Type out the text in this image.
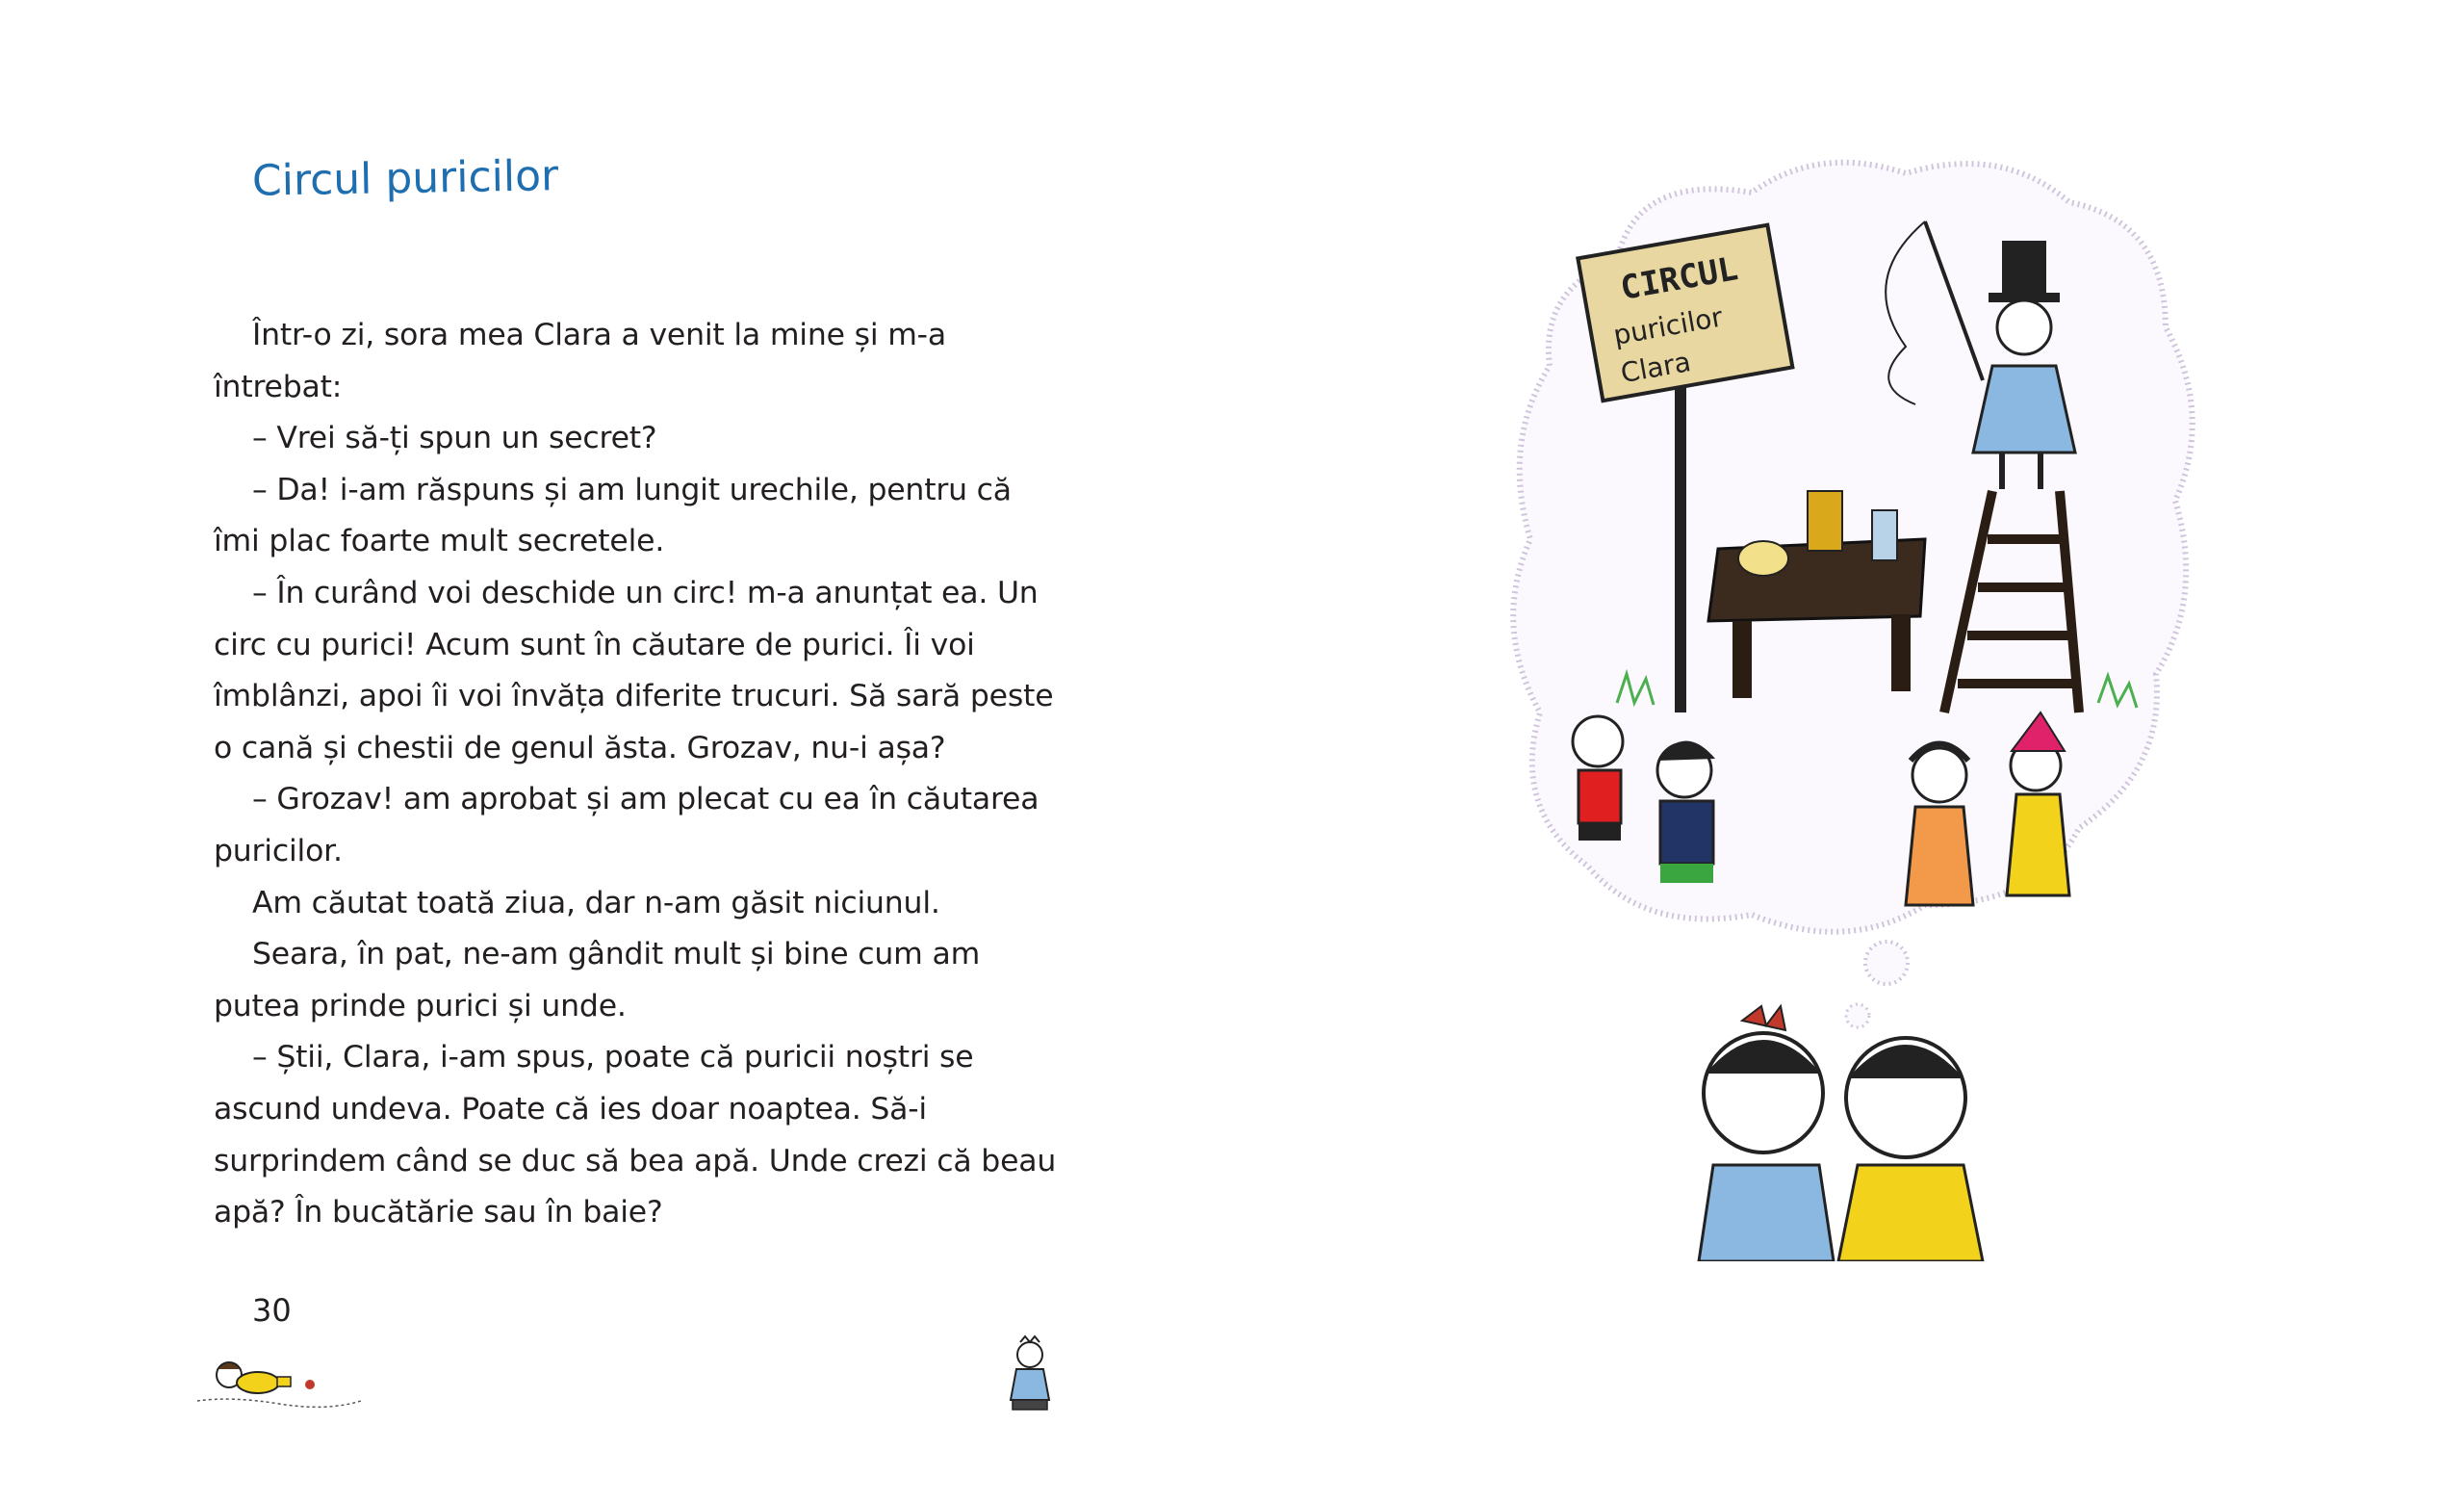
Circul puricilor

Într-o zi, sora mea Clara a venit la mine și m-a întrebat:

– Vrei să-ți spun un secret?

– Da! i-am răspuns și am lungit urechile, pentru că îmi plac foarte mult secretele.

– În curând voi deschide un circ! m-a anunțat ea. Un circ cu purici! Acum sunt în căutare de purici. Îi voi îmblânzi, apoi îi voi învăța diferite trucuri. Să sară peste o cană și chestii de genul ăsta. Grozav, nu-i așa?

– Grozav! am aprobat și am plecat cu ea în căutarea puricilor.

Am căutat toată ziua, dar n-am găsit niciunul.

Seara, în pat, ne-am gândit mult și bine cum am putea prinde purici și unde.

– Știi, Clara, i-am spus, poate că puricii noștri se ascund undeva. Poate că ies doar noaptea. Să-i surprindem când se duc să bea apă. Unde crezi că beau apă? În bucătărie sau în baie?

30
CIRCUL
puricilor
Clara
